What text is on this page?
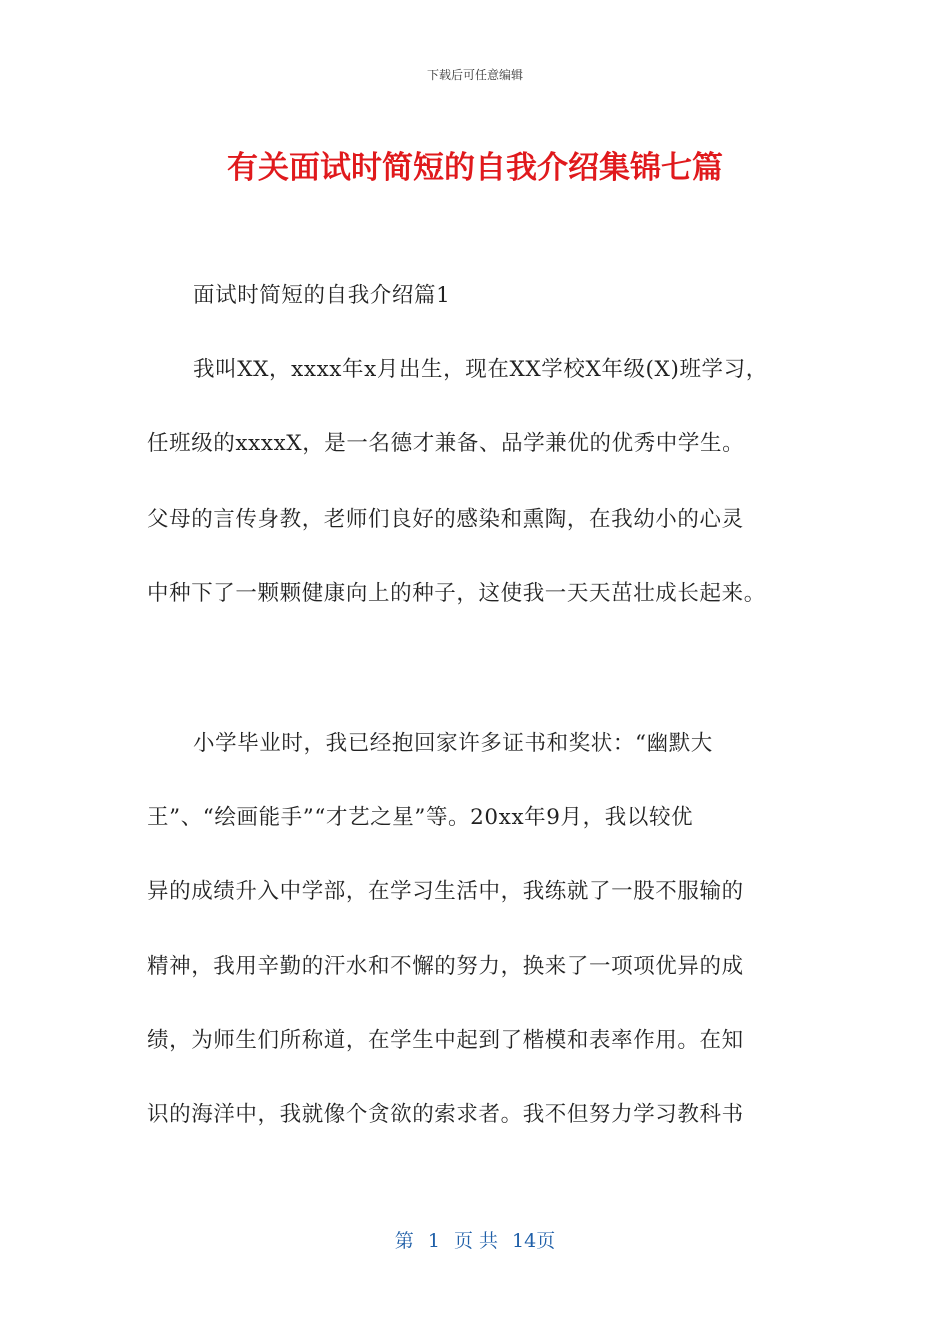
下载后可任意编辑
有关面试时简短的自我介绍集锦七篇
面试时简短的自我介绍篇1
我叫XX，xxxx年x月出生，现在XX学校X年级(X)班学习，
任班级的xxxxX，是一名德才兼备、品学兼优的优秀中学生。
父母的言传身教，老师们良好的感染和熏陶，在我幼小的心灵
中种下了一颗颗健康向上的种子，这使我一天天茁壮成长起来。
小学毕业时，我已经抱回家许多证书和奖状：“幽默大
王”、“绘画能手”“才艺之星”等。20xx年9月，我以较优
异的成绩升入中学部，在学习生活中，我练就了一股不服输的
精神，我用辛勤的汗水和不懈的努力，换来了一项项优异的成
绩，为师生们所称道，在学生中起到了楷模和表率作用。在知
识的海洋中，我就像个贪欲的索求者。我不但努力学习教科书
第 1 页 共 14页
